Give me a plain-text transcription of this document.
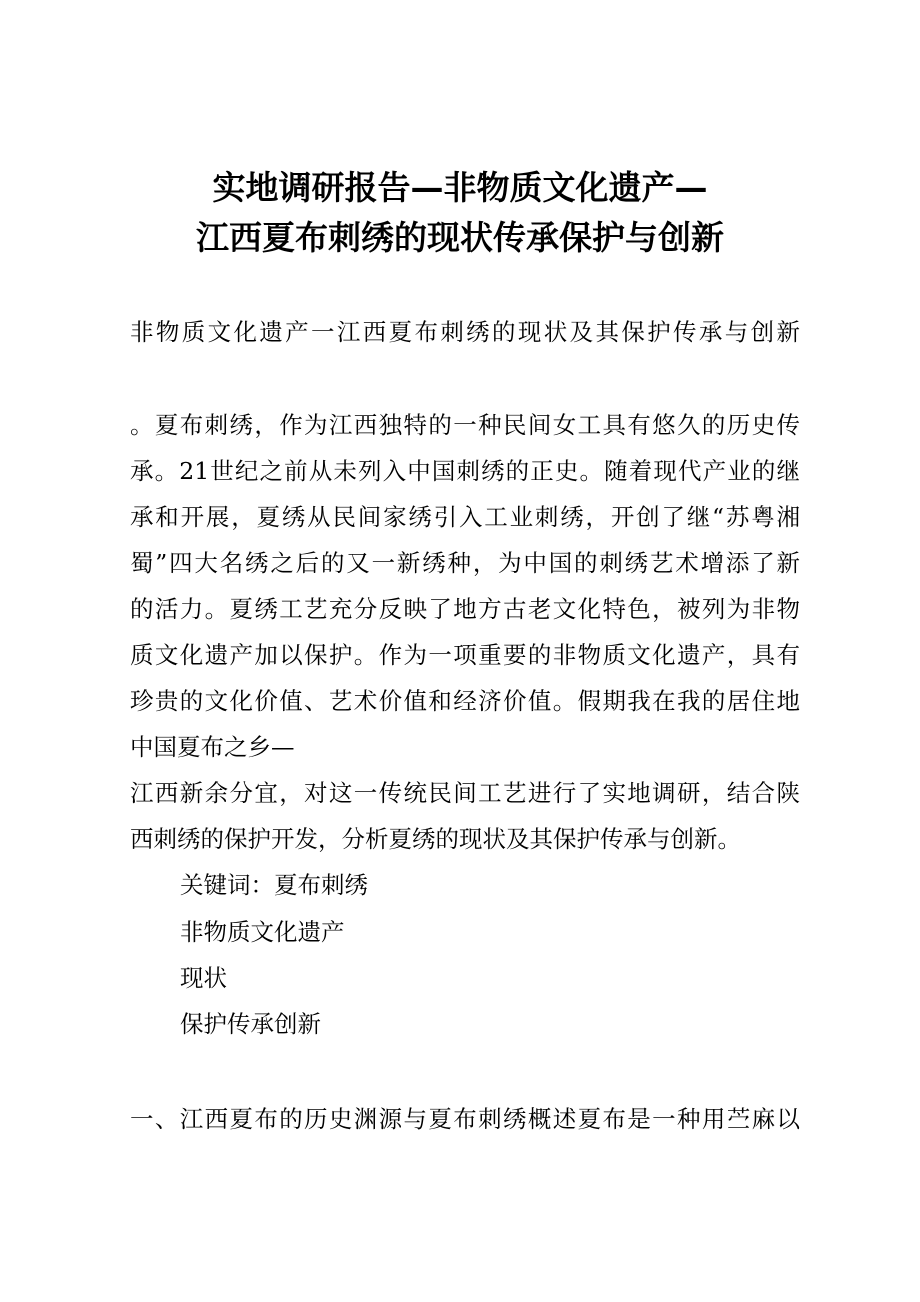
实地调研报告—非物质文化遗产—
江西夏布刺绣的现状传承保护与创新
非物质文化遗产一江西夏布刺绣的现状及其保护传承与创新
。夏布刺绣，作为江西独特的一种民间女工具有悠久的历史传
承。21世纪之前从未列入中国刺绣的正史。随着现代产业的继
承和开展，夏绣从民间家绣引入工业刺绣，开创了继“苏粤湘
蜀”四大名绣之后的又一新绣种，为中国的刺绣艺术增添了新
的活力。夏绣工艺充分反映了地方古老文化特色，被列为非物
质文化遗产加以保护。作为一项重要的非物质文化遗产，具有
珍贵的文化价值、艺术价值和经济价值。假期我在我的居住地
中国夏布之乡—
江西新余分宜，对这一传统民间工艺进行了实地调研，结合陕
西刺绣的保护开发，分析夏绣的现状及其保护传承与创新。
关键词：夏布刺绣
非物质文化遗产
现状
保护传承创新
一、江西夏布的历史渊源与夏布刺绣概述夏布是一种用苎麻以
